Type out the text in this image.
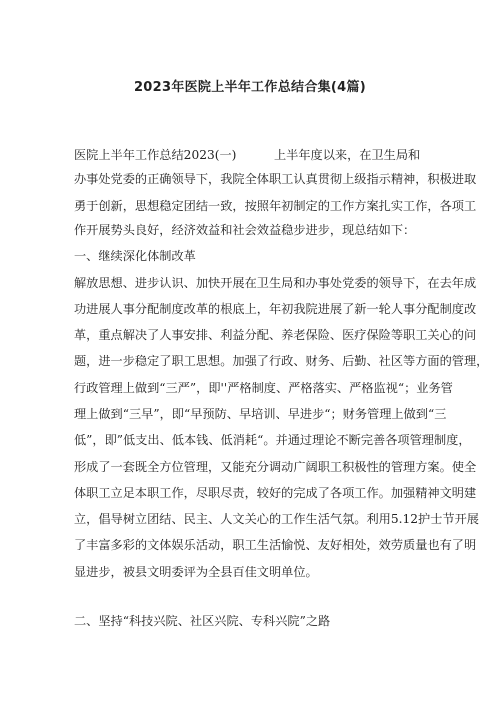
2023年医院上半年工作总结合集(4篇)
医院上半年工作总结2023(一)	上半年度以来，在卫生局和
办事处党委的正确领导下，我院全体职工认真贯彻上级指示精神，积极进取
勇于创新，思想稳定团结一致，按照年初制定的工作方案扎实工作，各项工
作开展势头良好，经济效益和社会效益稳步进步，现总结如下：
一、继续深化体制改革
解放思想、进步认识、加快开展在卫生局和办事处党委的领导下，在去年成
功进展人事分配制度改革的根底上，年初我院进展了新一轮人事分配制度改
革，重点解决了人事安排、利益分配、养老保险、医疗保险等职工关心的问
题，进一步稳定了职工思想。加强了行政、财务、后勤、社区等方面的管理，
行政管理上做到“三严”，即''严格制度、严格落实、严格监视“；业务管
理上做到“三早”，即“早预防、早培训、早进步“；财务管理上做到“三
低”，即”低支出、低本钱、低消耗“。并通过理论不断完善各项管理制度，
形成了一套既全方位管理，又能充分调动广阔职工积极性的管理方案。使全
体职工立足本职工作，尽职尽责，较好的完成了各项工作。加强精神文明建
立，倡导树立团结、民主、人文关心的工作生活气氛。利用5.12护士节开展
了丰富多彩的文体娱乐活动，职工生活愉悦、友好相处，效劳质量也有了明
显进步，被县文明委评为全县百佳文明单位。
二、坚持“科技兴院、社区兴院、专科兴院”之路
